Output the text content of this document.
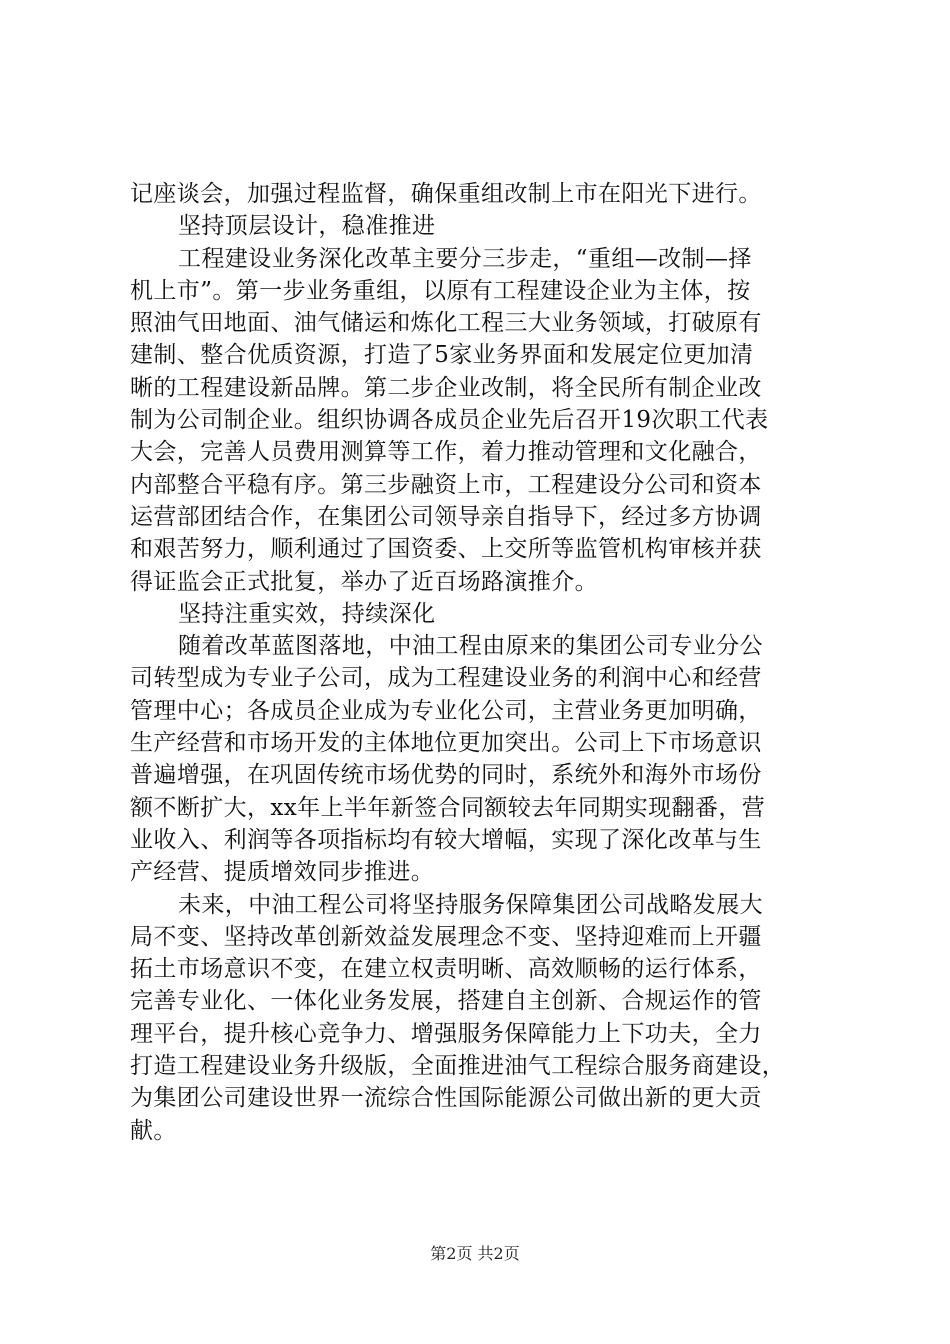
记座谈会，加强过程监督，确保重组改制上市在阳光下进行。
坚持顶层设计，稳准推进
工程建设业务深化改革主要分三步走，“重组—改制—择
机上市”。第一步业务重组，以原有工程建设企业为主体，按
照油气田地面、油气储运和炼化工程三大业务领域，打破原有
建制、整合优质资源，打造了5家业务界面和发展定位更加清
晰的工程建设新品牌。第二步企业改制，将全民所有制企业改
制为公司制企业。组织协调各成员企业先后召开19次职工代表
大会，完善人员费用测算等工作，着力推动管理和文化融合，
内部整合平稳有序。第三步融资上市，工程建设分公司和资本
运营部团结合作，在集团公司领导亲自指导下，经过多方协调
和艰苦努力，顺利通过了国资委、上交所等监管机构审核并获
得证监会正式批复，举办了近百场路演推介。
坚持注重实效，持续深化
随着改革蓝图落地，中油工程由原来的集团公司专业分公
司转型成为专业子公司，成为工程建设业务的利润中心和经营
管理中心；各成员企业成为专业化公司，主营业务更加明确，
生产经营和市场开发的主体地位更加突出。公司上下市场意识
普遍增强，在巩固传统市场优势的同时，系统外和海外市场份
额不断扩大，xx年上半年新签合同额较去年同期实现翻番，营
业收入、利润等各项指标均有较大增幅，实现了深化改革与生
产经营、提质增效同步推进。
未来，中油工程公司将坚持服务保障集团公司战略发展大
局不变、坚持改革创新效益发展理念不变、坚持迎难而上开疆
拓土市场意识不变，在建立权责明晰、高效顺畅的运行体系，
完善专业化、一体化业务发展，搭建自主创新、合规运作的管
理平台，提升核心竞争力、增强服务保障能力上下功夫，全力
打造工程建设业务升级版，全面推进油气工程综合服务商建设，
为集团公司建设世界一流综合性国际能源公司做出新的更大贡
献。
第2页 共2页
